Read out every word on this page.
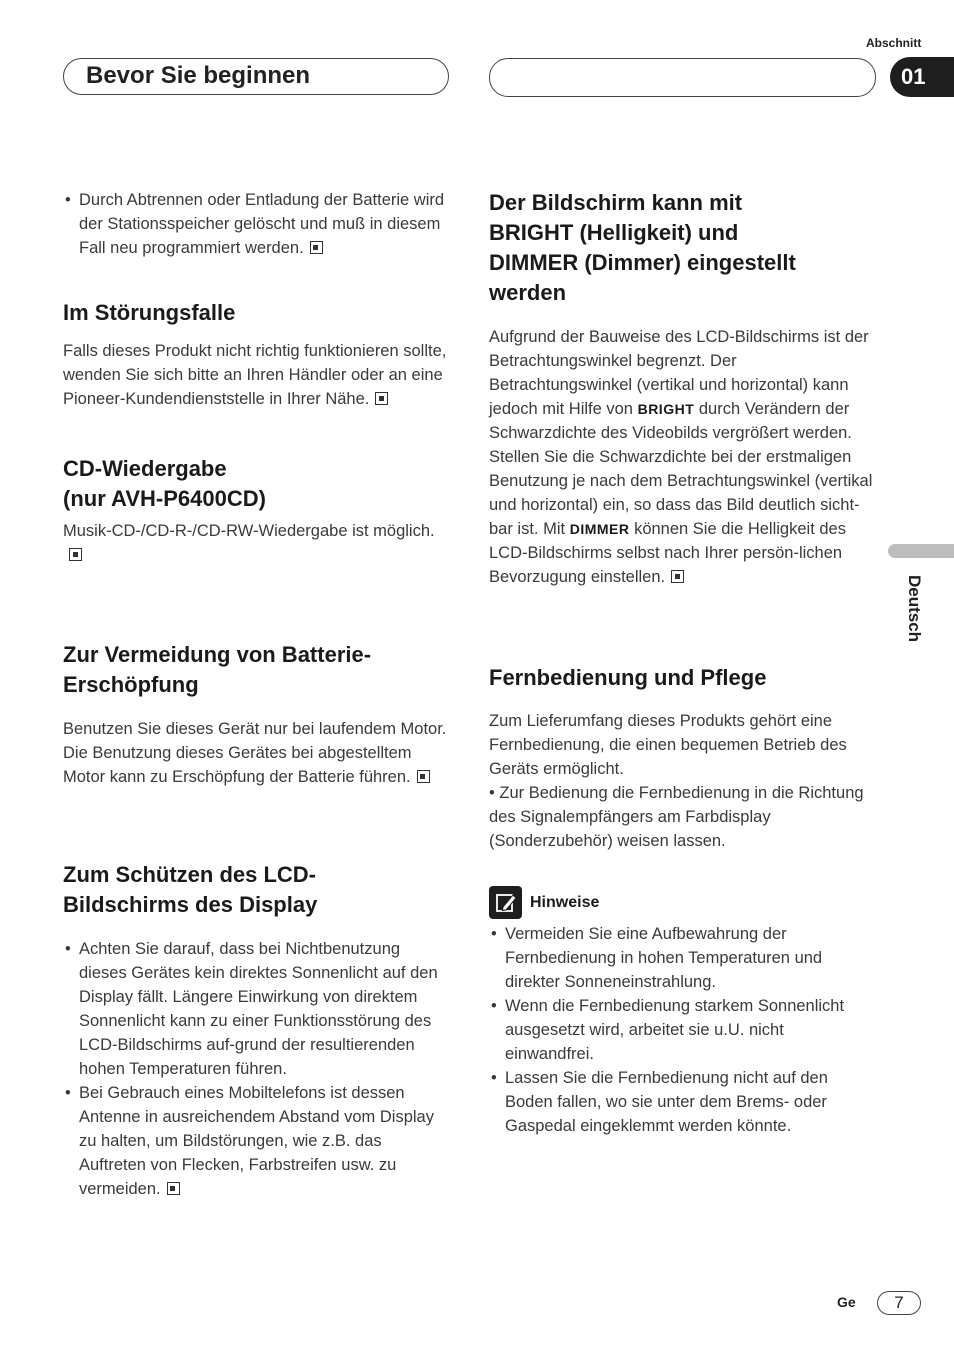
Abschnitt
Bevor Sie beginnen	01
Deutsch
• Durch Abtrennen oder Entladung der Batterie wird der Stationsspeicher gelöscht und muß in diesem Fall neu programmiert werden.
Im Störungsfalle

Falls dieses Produkt nicht richtig funktionieren sollte, wenden Sie sich bitte an Ihren Händler oder an eine Pioneer-Kundendienststelle in Ihrer Nähe.

CD-Wiedergabe
(nur AVH-P6400CD)

Musik-CD-/CD-R-/CD-RW-Wiedergabe ist möglich.

Zur Vermeidung von Batterie-
Erschöpfung

Benutzen Sie dieses Gerät nur bei laufendem Motor. Die Benutzung dieses Gerätes bei abgestelltem Motor kann zu Erschöpfung der Batterie führen.

Zum Schützen des LCD-
Bildschirms des Display
• Achten Sie darauf, dass bei Nichtbenutzung dieses Gerätes kein direktes Sonnenlicht auf den Display fällt. Längere Einwirkung von direktem Sonnenlicht kann zu einer Funktionsstörung des LCD-Bildschirms auf-grund der resultierenden hohen Temperaturen führen.
• Bei Gebrauch eines Mobiltelefons ist dessen Antenne in ausreichendem Abstand vom Display zu halten, um Bildstörungen, wie z.B. das Auftreten von Flecken, Farbstreifen usw. zu vermeiden.
Der Bildschirm kann mit
BRIGHT (Helligkeit) und
DIMMER (Dimmer) eingestellt
werden

Aufgrund der Bauweise des LCD-Bildschirms ist der Betrachtungswinkel begrenzt. Der Betrachtungswinkel (vertikal und horizontal) kann jedoch mit Hilfe von BRIGHT durch Verändern der Schwarzdichte des Videobilds vergrößert werden. Stellen Sie die Schwarzdichte bei der erstmaligen Benutzung je nach dem Betrachtungswinkel (vertikal und horizontal) ein, so dass das Bild deutlich sicht-bar ist. Mit DIMMER können Sie die Helligkeit des LCD-Bildschirms selbst nach Ihrer persön-lichen Bevorzugung einstellen.

Fernbedienung und Pflege

Zum Lieferumfang dieses Produkts gehört eine Fernbedienung, die einen bequemen Betrieb des Geräts ermöglicht.

• Zur Bedienung die Fernbedienung in die Richtung des Signalempfängers am Farbdisplay (Sonderzubehör) weisen lassen.

Hinweise
• Vermeiden Sie eine Aufbewahrung der Fernbedienung in hohen Temperaturen und direkter Sonneneinstrahlung.
• Wenn die Fernbedienung starkem Sonnenlicht ausgesetzt wird, arbeitet sie u.U. nicht einwandfrei.
• Lassen Sie die Fernbedienung nicht auf den Boden fallen, wo sie unter dem Brems- oder Gaspedal eingeklemmt werden könnte.
Ge	7
